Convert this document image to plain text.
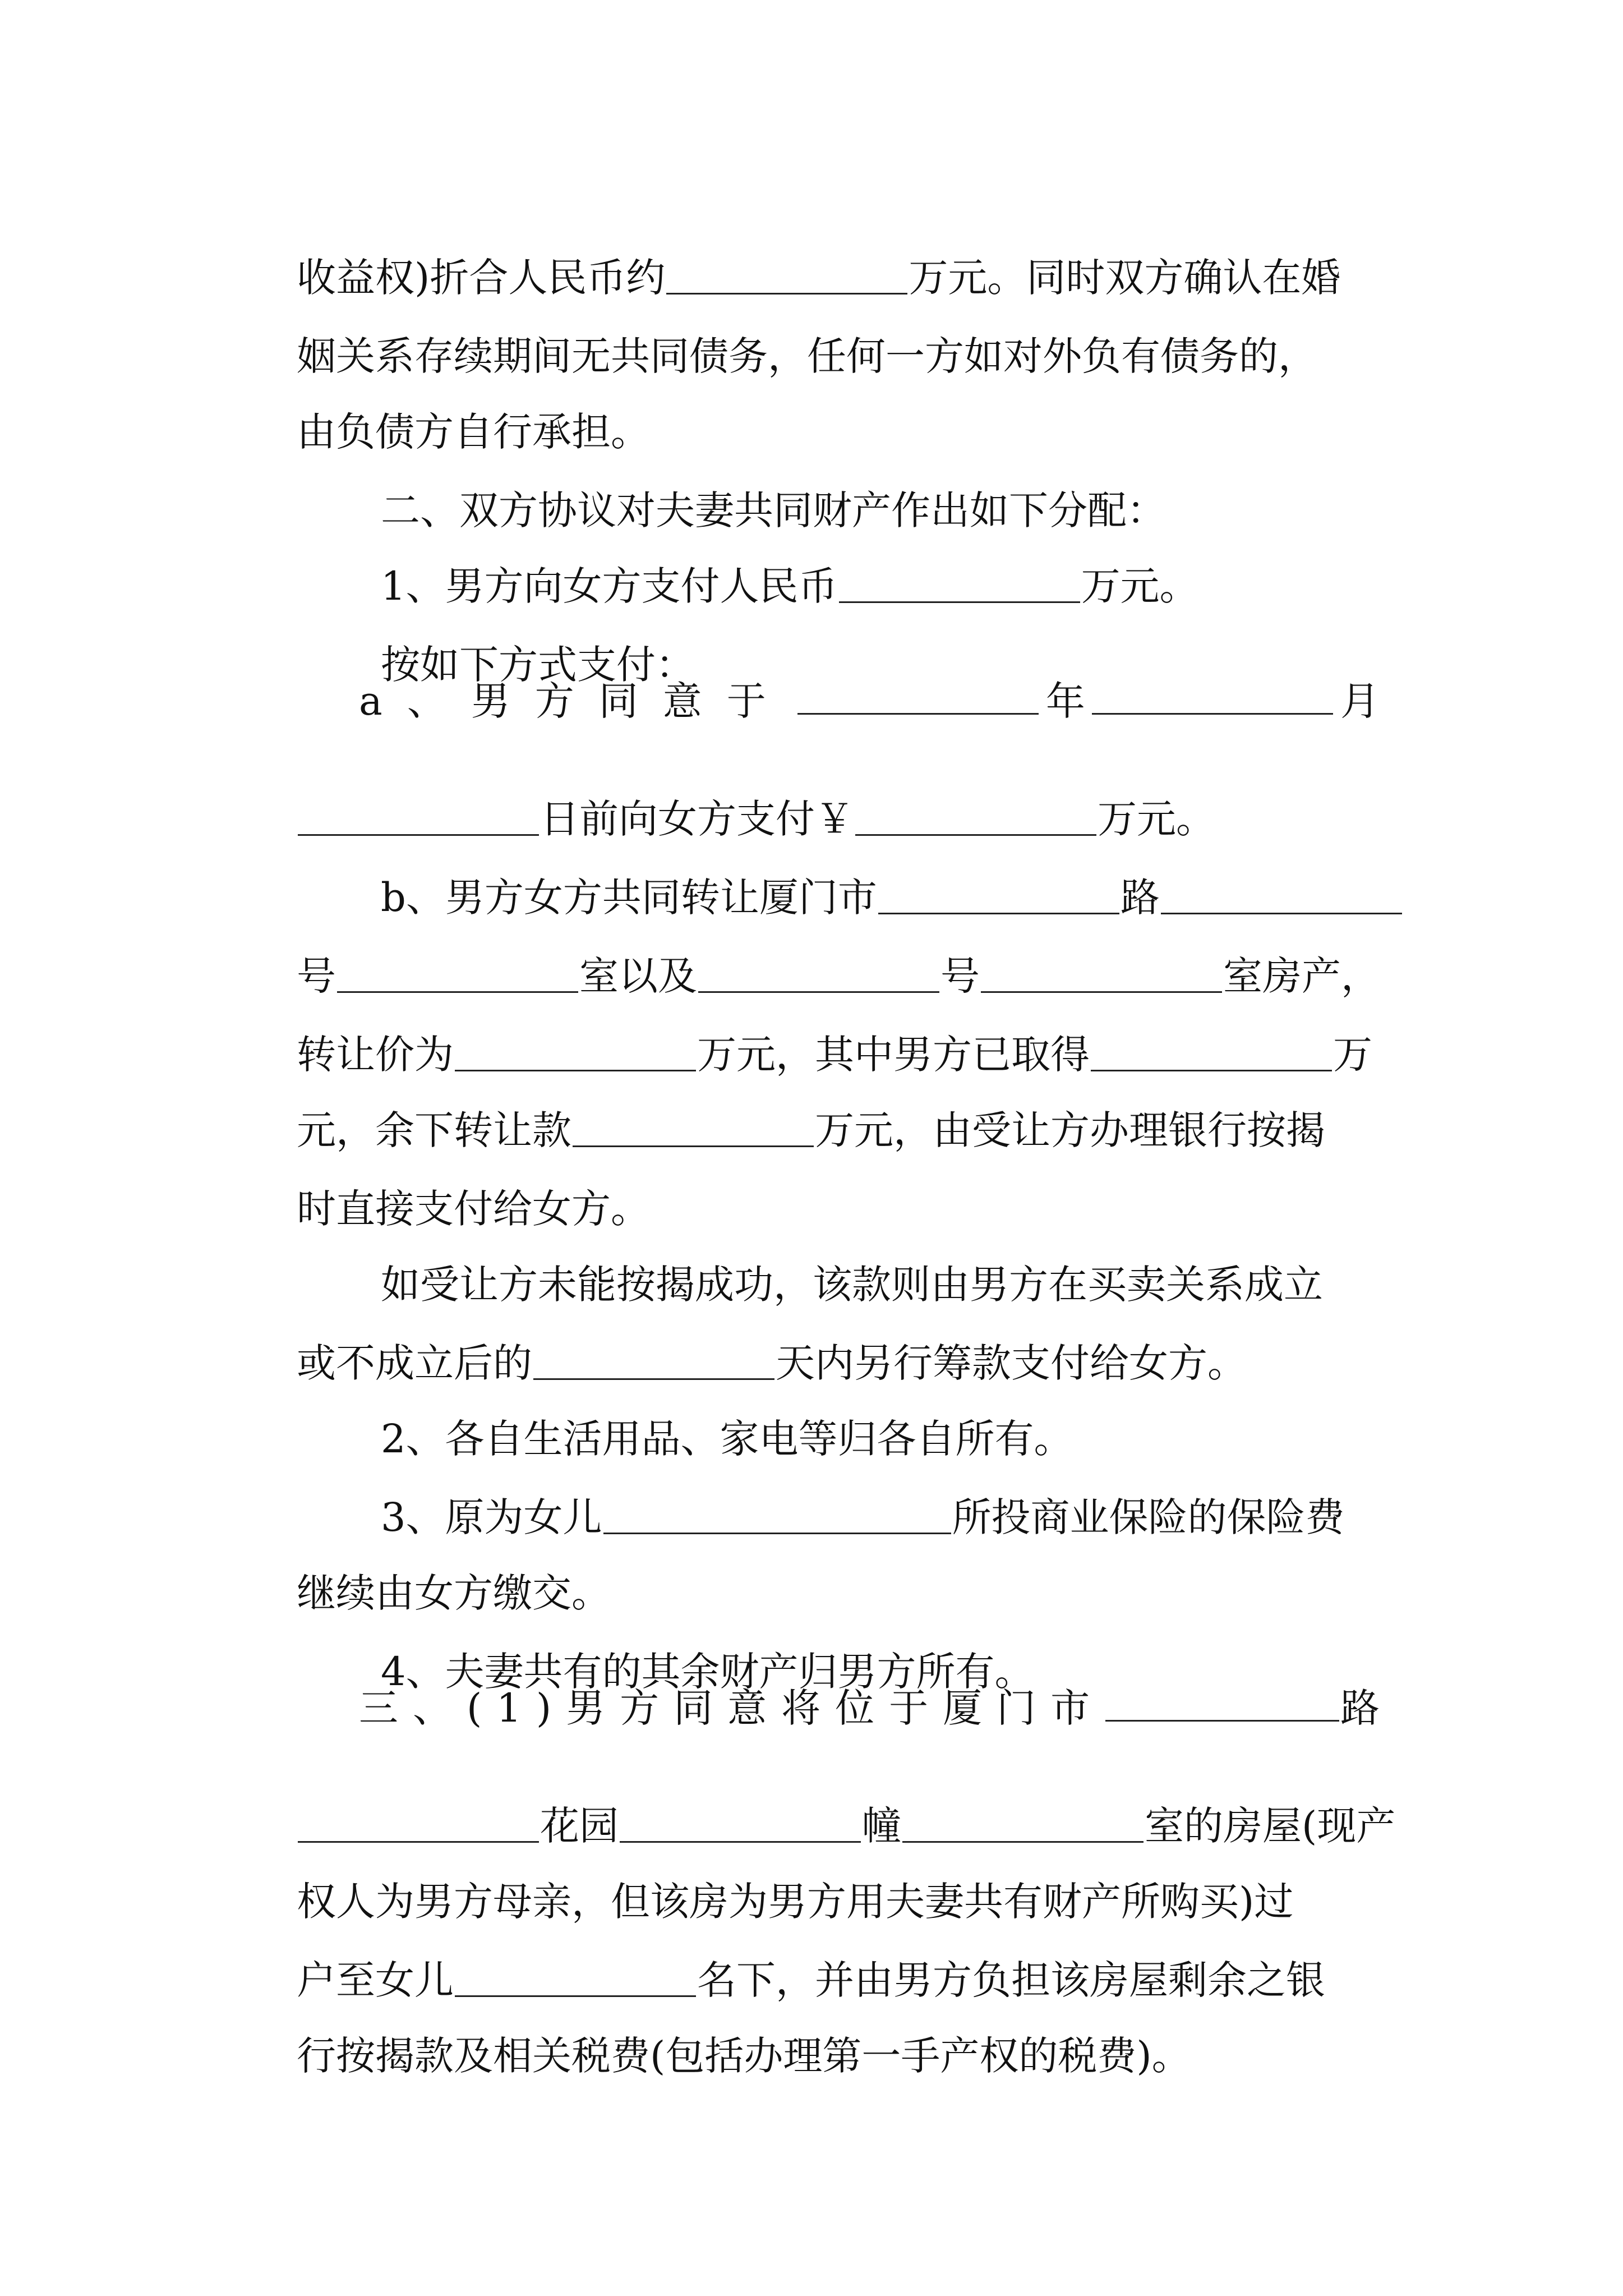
收益权)折合人民币约	万元。同时双方确认在婚

姻关系存续期间无共同债务，任何一方如对外负有债务的，

由负债方自行承担。

二、双方协议对夫妻共同财产作出如下分配：

1、男方向女方支付人民币	万元。

按如下方式支付：

a、男方同意于	年	月

日前向女方支付￥	万元。

b、男方女方共同转让厦门市	路

号	室以及	号	室房产，

转让价为	万元，其中男方已取得	万

元，余下转让款	万元，由受让方办理银行按揭

时直接支付给女方。

如受让方未能按揭成功，该款则由男方在买卖关系成立

或不成立后的	天内另行筹款支付给女方。

2、各自生活用品、家电等归各自所有。

3、原为女儿	所投商业保险的保险费

继续由女方缴交。

4、夫妻共有的其余财产归男方所有。

三、(1)男方同意将位于厦门市	路

花园	幢	室的房屋(现产

权人为男方母亲，但该房为男方用夫妻共有财产所购买)过

户至女儿	名下，并由男方负担该房屋剩余之银

行按揭款及相关税费(包括办理第一手产权的税费)。
